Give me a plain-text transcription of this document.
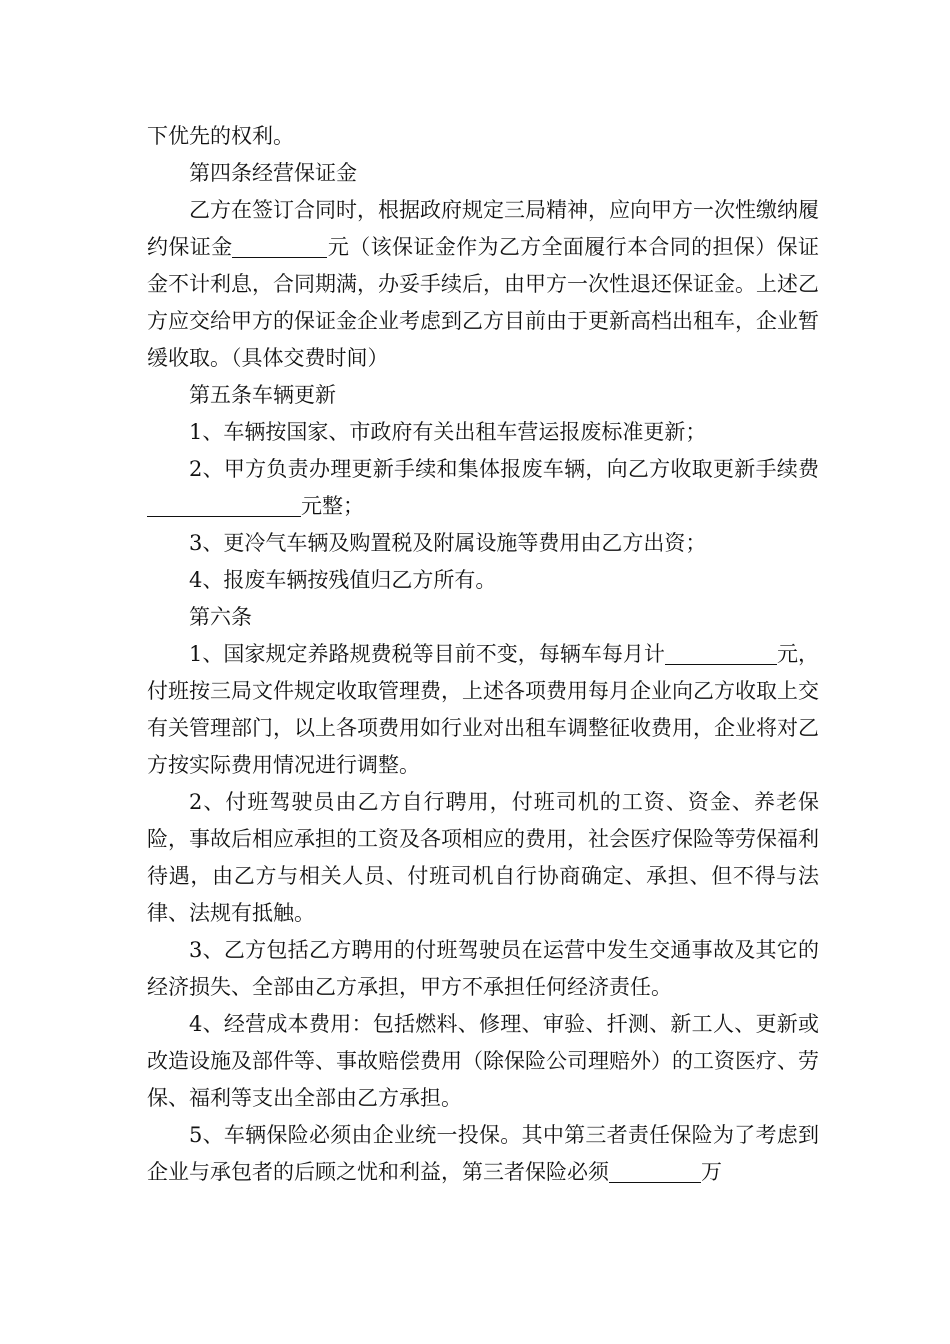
下优先的权利。

第四条经营保证金

乙方在签订合同时，根据政府规定三局精神，应向甲方一次性缴纳履约保证金	元（该保证金作为乙方全面履行本合同的担保）保证金不计利息，合同期满，办妥手续后，由甲方一次性退还保证金。上述乙方应交给甲方的保证金企业考虑到乙方目前由于更新高档出租车，企业暂缓收取。（具体交费时间）

第五条车辆更新

1、车辆按国家、市政府有关出租车营运报废标准更新；

2、甲方负责办理更新手续和集体报废车辆，向乙方收取更新手续费元整；

3、更冷气车辆及购置税及附属设施等费用由乙方出资；

4、报废车辆按残值归乙方所有。

第六条

1、国家规定养路规费税等目前不变，每辆车每月计	元，付班按三局文件规定收取管理费，上述各项费用每月企业向乙方收取上交有关管理部门，以上各项费用如行业对出租车调整征收费用，企业将对乙方按实际费用情况进行调整。

2、付班驾驶员由乙方自行聘用，付班司机的工资、资金、养老保险，事故后相应承担的工资及各项相应的费用，社会医疗保险等劳保福利待遇，由乙方与相关人员、付班司机自行协商确定、承担、但不得与法律、法规有抵触。

3、乙方包括乙方聘用的付班驾驶员在运营中发生交通事故及其它的经济损失、全部由乙方承担，甲方不承担任何经济责任。

4、经营成本费用：包括燃料、修理、审验、扦测、新工人、更新或改造设施及部件等、事故赔偿费用（除保险公司理赔外）的工资医疗、劳保、福利等支出全部由乙方承担。

5、车辆保险必须由企业统一投保。其中第三者责任保险为了考虑到企业与承包者的后顾之忧和利益，第三者保险必须	万
